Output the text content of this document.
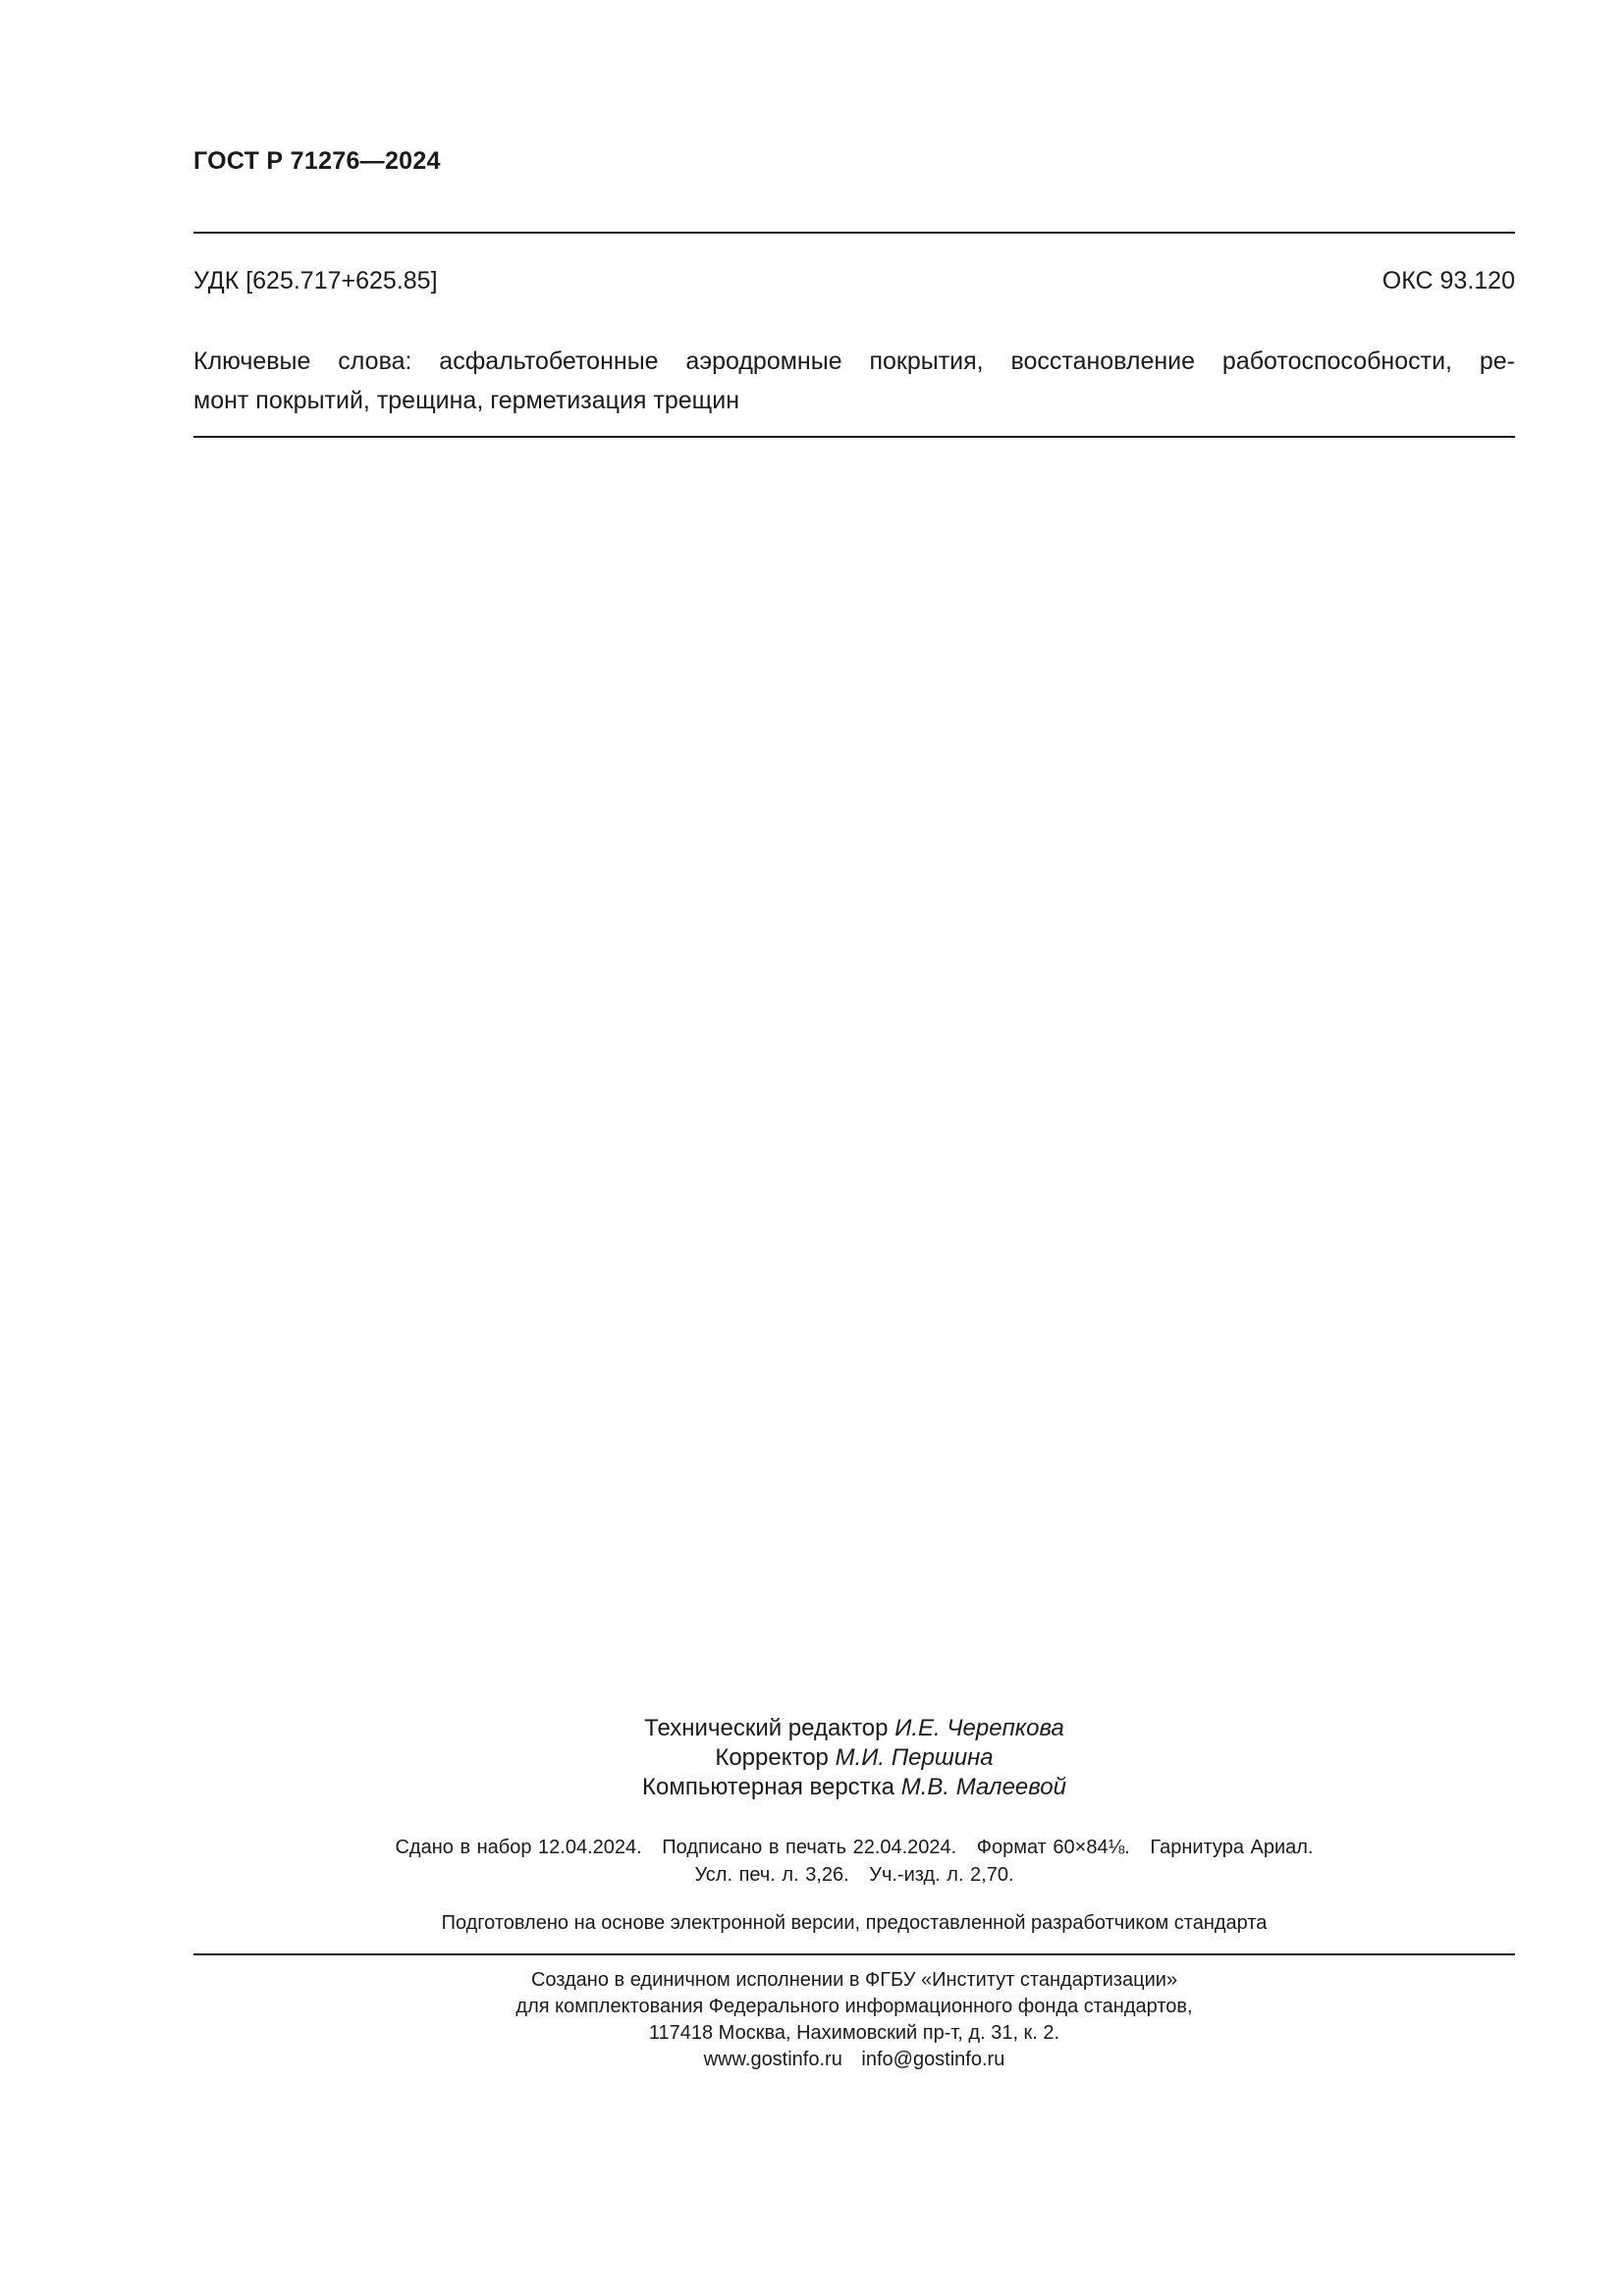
ГОСТ Р 71276—2024
УДК [625.717+625.85]	ОКС 93.120
Ключевые слова: асфальтобетонные аэродромные покрытия, восстановление работоспособности, ре-
монт покрытий, трещина, герметизация трещин
Технический редактор И.Е. Черепкова
Корректор М.И. Першина
Компьютерная верстка М.В. Малеевой
Сдано в набор 12.04.2024. Подписано в печать 22.04.2024. Формат 60×84⅛. Гарнитура Ариал.
Усл. печ. л. 3,26. Уч.-изд. л. 2,70.
Подготовлено на основе электронной версии, предоставленной разработчиком стандарта
Создано в единичном исполнении в ФГБУ «Институт стандартизации»
для комплектования Федерального информационного фонда стандартов,
117418 Москва, Нахимовский пр-т, д. 31, к. 2.
www.gostinfo.ru info@gostinfo.ru
